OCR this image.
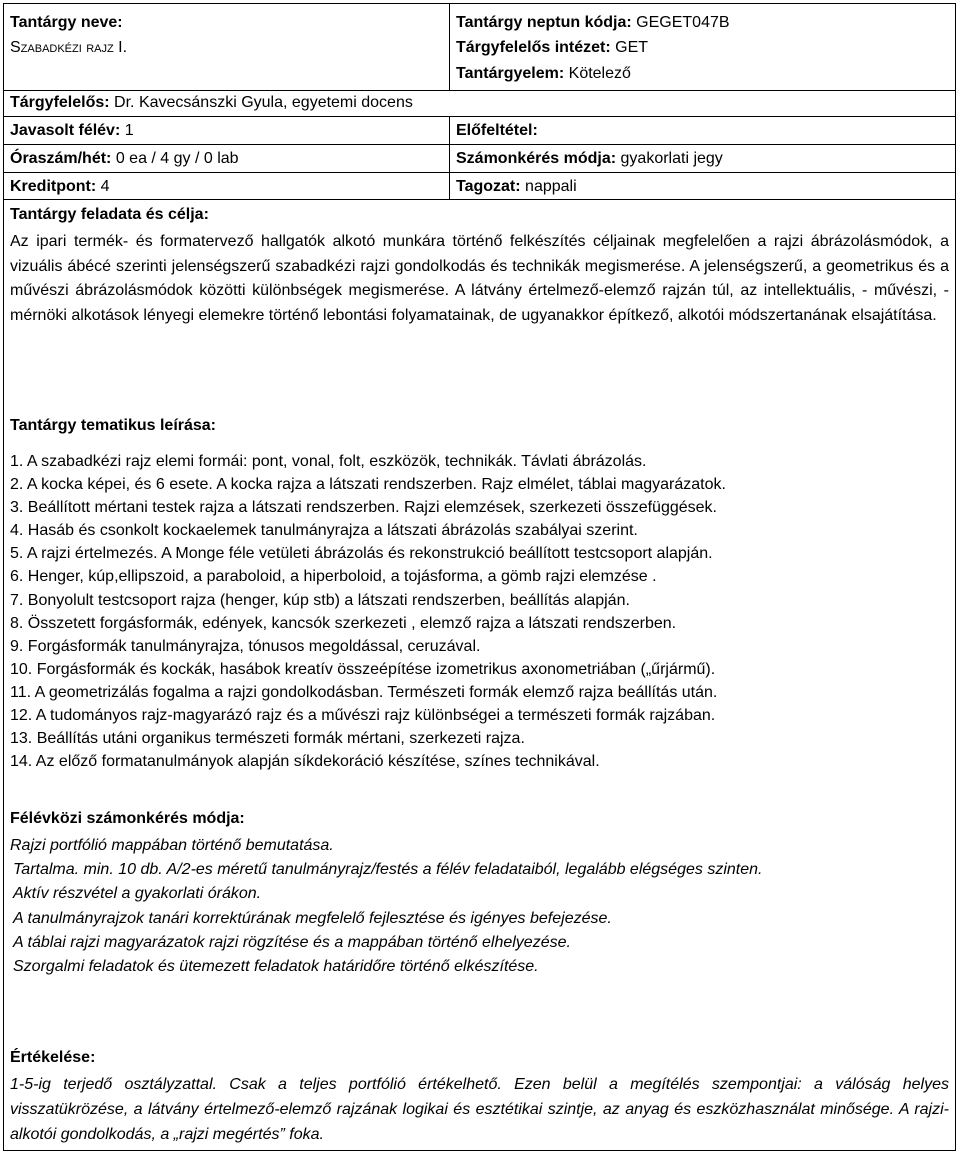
Tantárgy neve:
Szabadkézi rajz I.
Tantárgy neptun kódja: GEGET047B
Tárgyfelelős intézet: GET
Tantárgyelem: Kötelező
Tárgyfelelős: Dr. Kavecsánszki Gyula, egyetemi docens
Javasolt félév: 1	Előfeltétel:
Óraszám/hét: 0 ea / 4 gy / 0 lab	Számonkérés módja: gyakorlati jegy
Kreditpont: 4	Tagozat: nappali
Tantárgy feladata és célja:
Az ipari termék- és formatervező hallgatók alkotó munkára történő felkészítés céljainak megfelelően a rajzi ábrázolásmódok, a vizuális ábécé szerinti jelenségszerű szabadkézi rajzi gondolkodás és technikák megismerése. A jelenségszerű, a geometrikus és a művészi ábrázolásmódok közötti különbségek megismerése. A látvány értelmező-elemző rajzán túl, az intellektuális, - művészi, - mérnöki alkotások lényegi elemekre történő lebontási folyamatainak, de ugyanakkor építkező, alkotói módszertanának elsajátítása.
Tantárgy tematikus leírása:
1. A szabadkézi rajz elemi formái: pont, vonal, folt, eszközök, technikák. Távlati ábrázolás.
2. A kocka képei, és 6 esete. A kocka rajza a látszati rendszerben. Rajz elmélet, táblai magyarázatok.
3. Beállított mértani testek rajza a látszati rendszerben. Rajzi elemzések, szerkezeti összefüggések.
4. Hasáb és csonkolt kockaelemek tanulmányrajza a látszati ábrázolás szabályai szerint.
5. A rajzi értelmezés. A Monge féle vetületi ábrázolás és rekonstrukció beállított testcsoport alapján.
6. Henger, kúp,ellipszoid, a paraboloid, a hiperboloid, a tojásforma, a gömb rajzi elemzése .
7. Bonyolult testcsoport rajza (henger, kúp stb) a látszati rendszerben, beállítás alapján.
8. Összetett forgásformák, edények, kancsók szerkezeti , elemző rajza a látszati rendszerben.
9. Forgásformák tanulmányrajza, tónusos megoldással, ceruzával.
10. Forgásformák és kockák, hasábok kreatív összeépítése izometrikus axonometriában („űrjármű).
11. A geometrizálás fogalma a rajzi gondolkodásban. Természeti formák elemző rajza beállítás után.
12. A tudományos rajz-magyarázó rajz és a művészi rajz különbségei a természeti formák rajzában.
13. Beállítás utáni organikus természeti formák mértani, szerkezeti rajza.
14. Az előző formatanulmányok alapján síkdekoráció készítése, színes technikával.
Félévközi számonkérés módja:
Rajzi portfólió mappában történő bemutatása.
Tartalma. min. 10 db. A/2-es méretű tanulmányrajz/festés a félév feladataiból, legalább elégséges szinten.
Aktív részvétel a gyakorlati órákon.
A tanulmányrajzok tanári korrektúrának megfelelő fejlesztése és igényes befejezése.
A táblai rajzi magyarázatok rajzi rögzítése és a mappában történő elhelyezése.
Szorgalmi feladatok és ütemezett feladatok határidőre történő elkészítése.
Értékelése:
1-5-ig terjedő osztályzattal. Csak a teljes portfólió értékelhető. Ezen belül a megítélés szempontjai: a válóság helyes visszatükrözése, a látvány értelmező-elemző rajzának logikai és esztétikai szintje, az anyag és eszközhasználat minősége. A rajzi-alkotói gondolkodás, a „rajzi megértés” foka.
